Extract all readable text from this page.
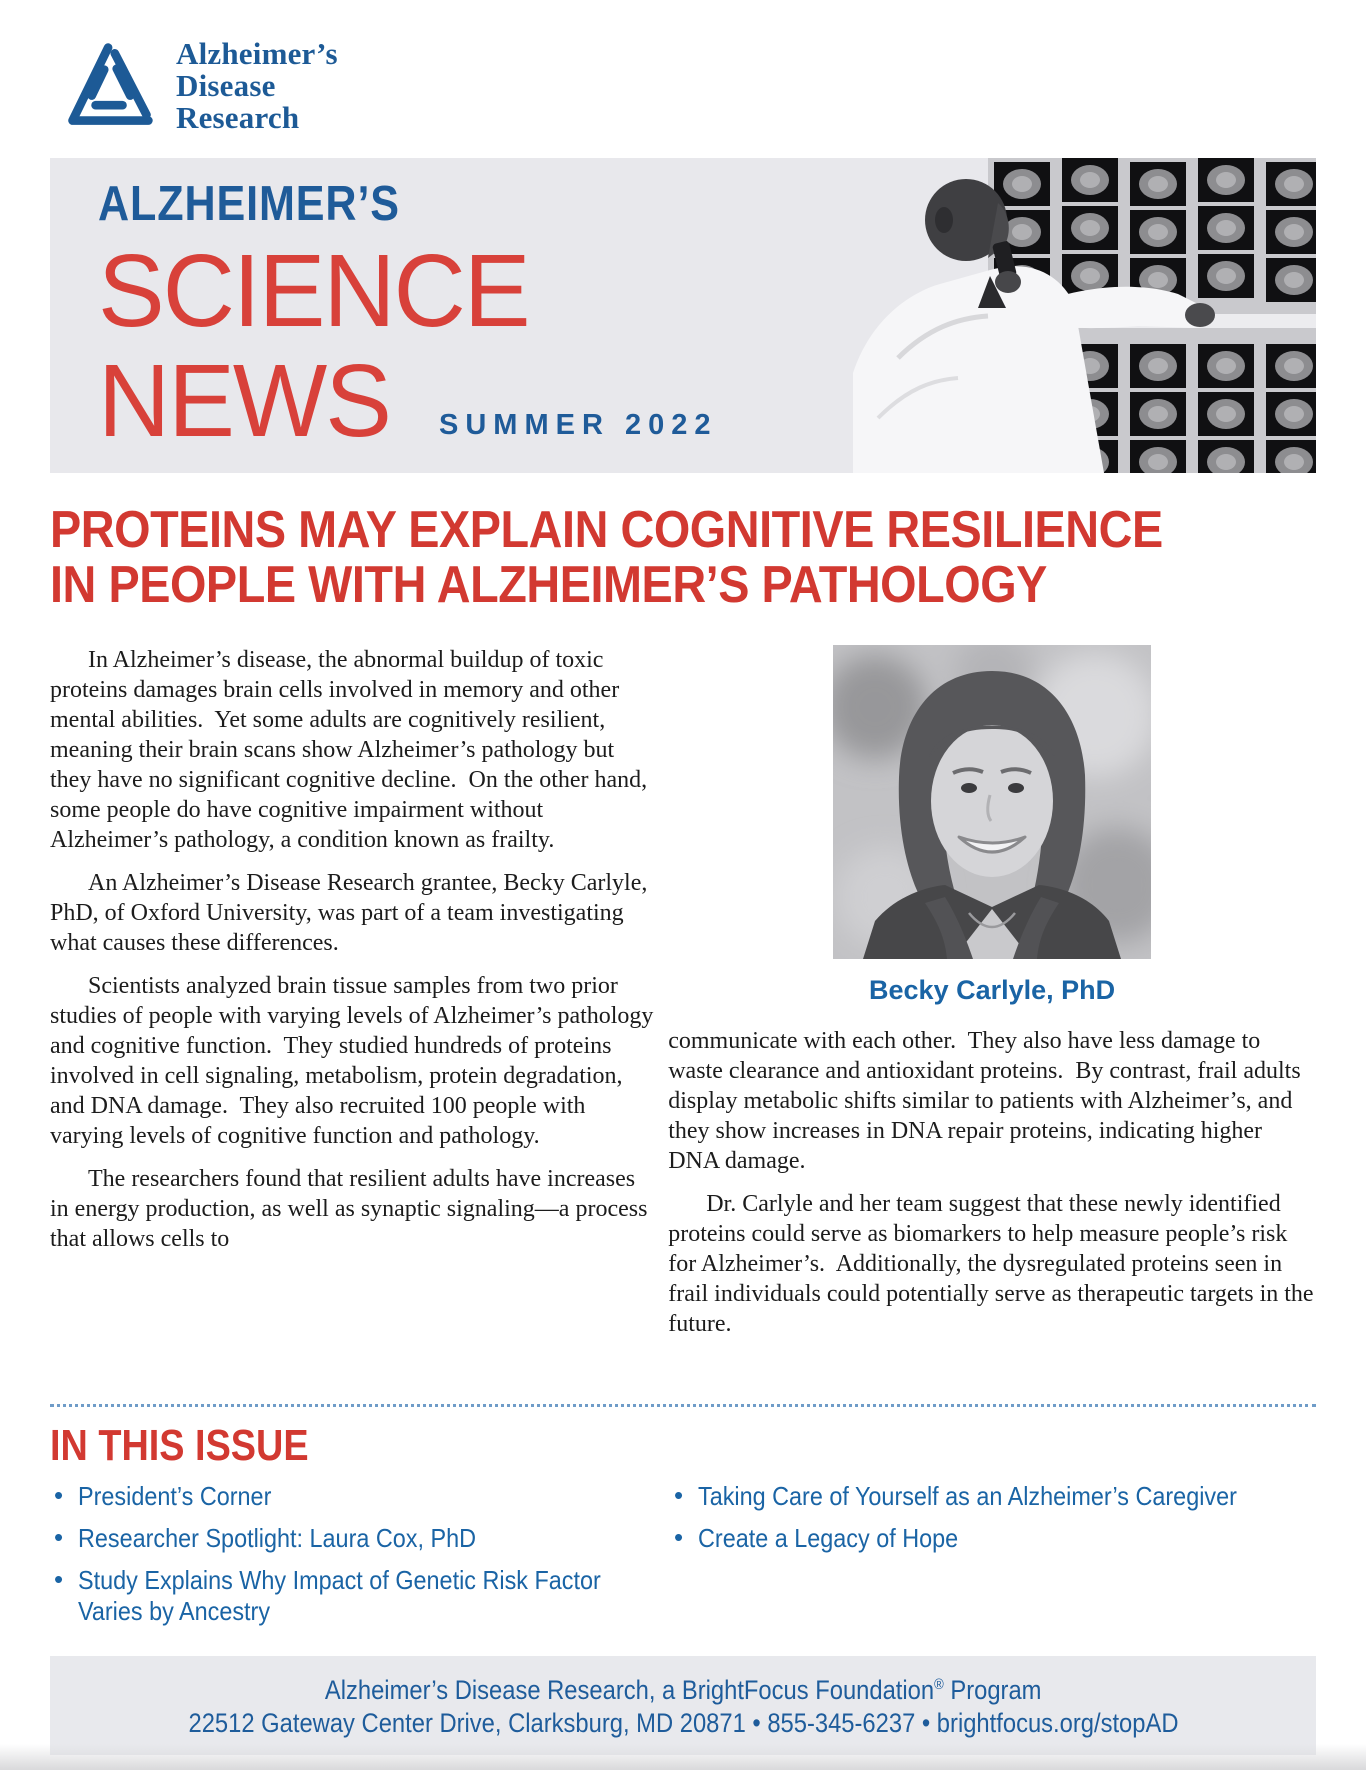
Alzheimer’s
Disease
Research
ALZHEIMER’S
SCIENCE
NEWS SUMMER 2022
PROTEINS MAY EXPLAIN COGNITIVE RESILIENCE
IN PEOPLE WITH ALZHEIMER’S PATHOLOGY

In Alzheimer’s disease, the abnormal buildup of toxic proteins damages brain cells involved in memory and other mental abilities.  Yet some adults are cognitively resilient, meaning their brain scans show Alzheimer’s pathology but they have no significant cognitive decline.  On the other hand, some people do have cognitive impairment without Alzheimer’s pathology, a condition known as frailty.

An Alzheimer’s Disease Research grantee, Becky Carlyle, PhD, of Oxford University, was part of a team investigating what causes these differences.

Scientists analyzed brain tissue samples from two prior studies of people with varying levels of Alzheimer’s pathology and cognitive function.  They studied hundreds of proteins involved in cell signaling, metabolism, protein degradation, and DNA damage.  They also recruited 100 people with varying levels of cognitive function and pathology.

The researchers found that resilient adults have increases in energy production, as well as synaptic signaling—a process that allows cells to

Becky Carlyle, PhD

communicate with each other.  They also have less damage to waste clearance and antioxidant proteins.  By contrast, frail adults display metabolic shifts similar to patients with Alzheimer’s, and they show increases in DNA repair proteins, indicating higher DNA damage.

Dr. Carlyle and her team suggest that these newly identified proteins could serve as biomarkers to help measure people’s risk for Alzheimer’s.  Additionally, the dysregulated proteins seen in frail individuals could potentially serve as therapeutic targets in the future.

IN THIS ISSUE
• President’s Corner
• Researcher Spotlight: Laura Cox, PhD
• Study Explains Why Impact of Genetic Risk Factor Varies by Ancestry
• Taking Care of Yourself as an Alzheimer’s Caregiver
• Create a Legacy of Hope
Alzheimer’s Disease Research, a BrightFocus Foundation® Program
22512 Gateway Center Drive, Clarksburg, MD 20871 • 855-345-6237 • brightfocus.org/stopAD
